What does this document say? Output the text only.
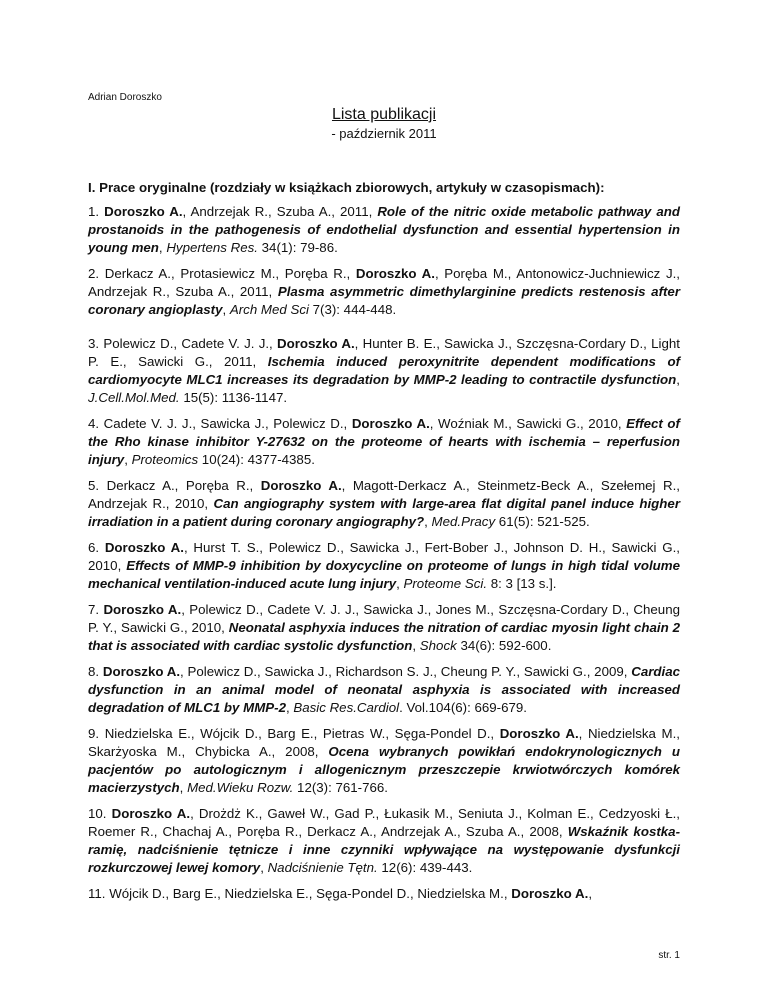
Adrian Doroszko
Lista publikacji
- październik 2011
I. Prace oryginalne (rozdziały w książkach zbiorowych, artykuły w czasopismach):

1. Doroszko A., Andrzejak R., Szuba A., 2011, Role of the nitric oxide metabolic pathway and prostanoids in the pathogenesis of endothelial dysfunction and essential hypertension in young men, Hypertens Res. 34(1): 79-86.

2. Derkacz A., Protasiewicz M., Poręba R., Doroszko A., Poręba M., Antonowicz-Juchniewicz J., Andrzejak R., Szuba A., 2011, Plasma asymmetric dimethylarginine predicts restenosis after coronary angioplasty, Arch Med Sci 7(3): 444-448.

3. Polewicz D., Cadete V. J. J., Doroszko A., Hunter B. E., Sawicka J., Szczęsna-Cordary D., Light P. E., Sawicki G., 2011, Ischemia induced peroxynitrite dependent modifications of cardiomyocyte MLC1 increases its degradation by MMP-2 leading to contractile dysfunction, J.Cell.Mol.Med. 15(5): 1136-1147.

4. Cadete V. J. J., Sawicka J., Polewicz D., Doroszko A., Woźniak M., Sawicki G., 2010, Effect of the Rho kinase inhibitor Y-27632 on the proteome of hearts with ischemia – reperfusion injury, Proteomics 10(24): 4377-4385.

5. Derkacz A., Poręba R., Doroszko A., Magott-Derkacz A., Steinmetz-Beck A., Szełemej R., Andrzejak R., 2010, Can angiography system with large-area flat digital panel induce higher irradiation in a patient during coronary angiography?, Med.Pracy 61(5): 521-525.

6. Doroszko A., Hurst T. S., Polewicz D., Sawicka J., Fert-Bober J., Johnson D. H., Sawicki G., 2010, Effects of MMP-9 inhibition by doxycycline on proteome of lungs in high tidal volume mechanical ventilation-induced acute lung injury, Proteome Sci. 8: 3 [13 s.].

7. Doroszko A., Polewicz D., Cadete V. J. J., Sawicka J., Jones M., Szczęsna-Cordary D., Cheung P. Y., Sawicki G., 2010, Neonatal asphyxia induces the nitration of cardiac myosin light chain 2 that is associated with cardiac systolic dysfunction, Shock 34(6): 592-600.

8. Doroszko A., Polewicz D., Sawicka J., Richardson S. J., Cheung P. Y., Sawicki G., 2009, Cardiac dysfunction in an animal model of neonatal asphyxia is associated with increased degradation of MLC1 by MMP-2, Basic Res.Cardiol. Vol.104(6): 669-679.

9. Niedzielska E., Wójcik D., Barg E., Pietras W., Sęga-Pondel D., Doroszko A., Niedzielska M., Skarżyoska M., Chybicka A., 2008, Ocena wybranych powikłań endokrynologicznych u pacjentów po autologicznym i allogenicznym przeszczepie krwiotwórczych komórek macierzystych, Med.Wieku Rozw. 12(3): 761-766.

10. Doroszko A., Drożdż K., Gaweł W., Gad P., Łukasik M., Seniuta J., Kolman E., Cedzyoski Ł., Roemer R., Chachaj A., Poręba R., Derkacz A., Andrzejak A., Szuba A., 2008, Wskaźnik kostka-ramię, nadciśnienie tętnicze i inne czynniki wpływające na występowanie dysfunkcji rozkurczowej lewej komory, Nadciśnienie Tętn. 12(6): 439-443.

11. Wójcik D., Barg E., Niedzielska E., Sęga-Pondel D., Niedzielska M., Doroszko A.,

str. 1
